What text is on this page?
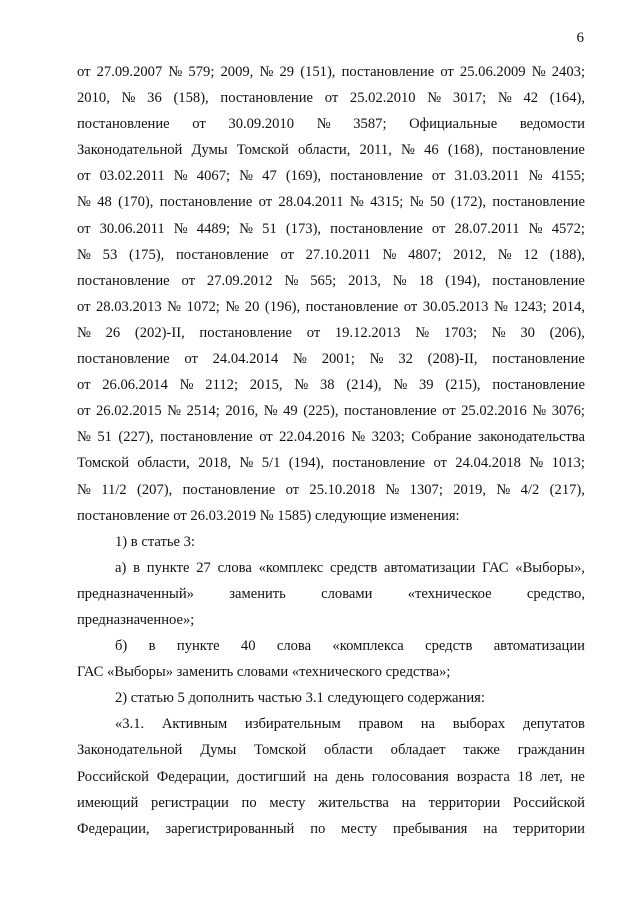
6
от 27.09.2007 № 579; 2009, № 29 (151), постановление от 25.06.2009 № 2403;
2010, № 36 (158), постановление от 25.02.2010 № 3017; № 42 (164),
постановление от 30.09.2010 № 3587; Официальные ведомости
Законодательной Думы Томской области, 2011, № 46 (168), постановление
от 03.02.2011 № 4067; № 47 (169), постановление от 31.03.2011 № 4155;
№ 48 (170), постановление от 28.04.2011 № 4315; № 50 (172), постановление
от 30.06.2011 № 4489; № 51 (173), постановление от 28.07.2011 № 4572;
№ 53 (175), постановление от 27.10.2011 № 4807; 2012, № 12 (188),
постановление от 27.09.2012 № 565; 2013, № 18 (194), постановление
от 28.03.2013 № 1072; № 20 (196), постановление от 30.05.2013 № 1243; 2014,
№ 26 (202)-II, постановление от 19.12.2013 № 1703; № 30 (206),
постановление от 24.04.2014 № 2001; № 32 (208)-II, постановление
от 26.06.2014 № 2112; 2015, № 38 (214), № 39 (215), постановление
от 26.02.2015 № 2514; 2016, № 49 (225), постановление от 25.02.2016 № 3076;
№ 51 (227), постановление от 22.04.2016 № 3203; Собрание законодательства
Томской области, 2018, № 5/1 (194), постановление от 24.04.2018 № 1013;
№ 11/2 (207), постановление от 25.10.2018 № 1307; 2019, № 4/2 (217),
постановление от 26.03.2019 № 1585) следующие изменения:
1) в статье 3:
а) в пункте 27 слова «комплекс средств автоматизации ГАС «Выборы»,
предназначенный» заменить словами «техническое средство,
предназначенное»;
б) в пункте 40 слова «комплекса средств автоматизации
ГАС «Выборы» заменить словами «технического средства»;
2) статью 5 дополнить частью 3.1 следующего содержания:
«3.1. Активным избирательным правом на выборах депутатов
Законодательной Думы Томской области обладает также гражданин
Российской Федерации, достигший на день голосования возраста 18 лет, не
имеющий регистрации по месту жительства на территории Российской
Федерации, зарегистрированный по месту пребывания на территории
